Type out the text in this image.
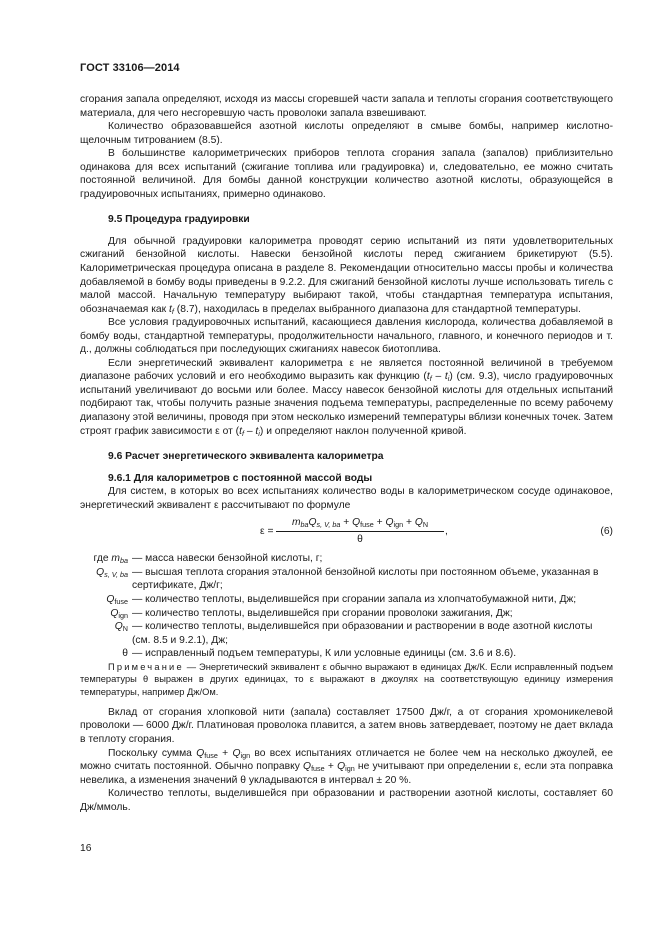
ГОСТ 33106—2014

сгорания запала определяют, исходя из массы сгоревшей части запала и теплоты сгорания соответствующего материала, для чего несгоревшую часть проволоки запала взвешивают.

Количество образовавшейся азотной кислоты определяют в смыве бомбы, например кислотно-щелочным титрованием (8.5).

В большинстве калориметрических приборов теплота сгорания запала (запалов) приблизительно одинакова для всех испытаний (сжигание топлива или градуировка) и, следовательно, ее можно считать постоянной величиной. Для бомбы данной конструкции количество азотной кислоты, образующейся в градуировочных испытаниях, примерно одинаково.

9.5 Процедура градуировки

Для обычной градуировки калориметра проводят серию испытаний из пяти удовлетворительных сжиганий бензойной кислоты. Навески бензойной кислоты перед сжиганием брикетируют (5.5). Калориметрическая процедура описана в разделе 8. Рекомендации относительно массы пробы и количества добавляемой в бомбу воды приведены в 9.2.2. Для сжиганий бензойной кислоты лучше использовать тигель с малой массой. Начальную температуру выбирают такой, чтобы стандартная температура испытания, обозначаемая как $t_f$ (8.7), находилась в пределах выбранного диапазона для стандартной температуры.

Все условия градуировочных испытаний, касающиеся давления кислорода, количества добавляемой в бомбу воды, стандартной температуры, продолжительности начального, главного, и конечного периодов и т. д., должны соблюдаться при последующих сжиганиях навесок биотоплива.

Если энергетический эквивалент калориметра ε не является постоянной величиной в требуемом диапазоне рабочих условий и его необходимо выразить как функцию $(t_f - t_i)$ (см. 9.3), число градуировочных испытаний увеличивают до восьми или более. Массу навесок бензойной кислоты для отдельных испытаний подбирают так, чтобы получить разные значения подъема температуры, распределенные по всему рабочему диапазону этой величины, проводя при этом несколько измерений температуры вблизи конечных точек. Затем строят график зависимости ε от $(t_f - t_i)$ и определяют наклон полученной кривой.

9.6 Расчет энергетического эквивалента калориметра

9.6.1 Для калориметров с постоянной массой воды

Для систем, в которых во всех испытаниях количество воды в калориметрическом сосуде одинаковое, энергетический эквивалент ε рассчитывают по формуле

ε =
$m_{ba}Q_{s, V, ba} + Q_{fuse} + Q_{ign} + Q_N$
θ
,	(6)
где $m_{ba}$ — масса навески бензойной кислоты, г;
$Q_{s, V, ba}$ — высшая теплота сгорания эталонной бензойной кислоты при постоянном объеме, указанная в сертификате, Дж/г;
$Q_{fuse}$ — количество теплоты, выделившейся при сгорании запала из хлопчатобумажной нити, Дж;
$Q_{ign}$ — количество теплоты, выделившейся при сгорании проволоки зажигания, Дж;
$Q_N$ — количество теплоты, выделившейся при образовании и растворении в воде азотной кислоты (см. 8.5 и 9.2.1), Дж;
θ — исправленный подъем температуры, К или условные единицы (см. 3.6 и 8.6).

Примечание — Энергетический эквивалент ε обычно выражают в единицах Дж/К. Если исправленный подъем температуры θ выражен в других единицах, то ε выражают в джоулях на соответствующую единицу измерения температуры, например Дж/Ом.

Вклад от сгорания хлопковой нити (запала) составляет 17500 Дж/г, а от сгорания хромоникелевой проволоки — 6000 Дж/г. Платиновая проволока плавится, а затем вновь затвердевает, поэтому не дает вклада в теплоту сгорания.

Поскольку сумма $Q_{fuse} + Q_{ign}$ во всех испытаниях отличается не более чем на несколько джоулей, ее можно считать постоянной. Обычно поправку $Q_{fuse} + Q_{ign}$ не учитывают при определении ε, если эта поправка невелика, а изменения значений θ укладываются в интервал ± 20 %.

Количество теплоты, выделившейся при образовании и растворении азотной кислоты, составляет 60 Дж/ммоль.

16
